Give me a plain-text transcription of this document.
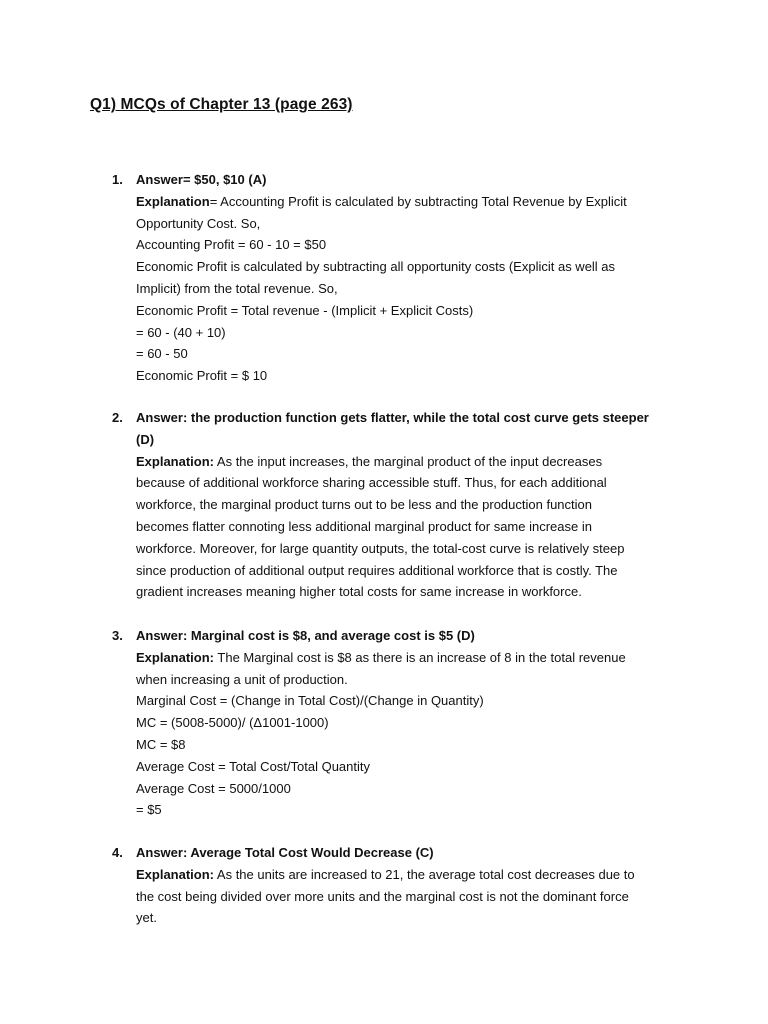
Q1) MCQs of Chapter 13 (page 263)
1. Answer= $50, $10 (A)
Explanation= Accounting Profit is calculated by subtracting Total Revenue by Explicit
Opportunity Cost. So,
Accounting Profit = 60 - 10 = $50
Economic Profit is calculated by subtracting all opportunity costs (Explicit as well as
Implicit) from the total revenue. So,
Economic Profit = Total revenue - (Implicit + Explicit Costs)
= 60 - (40 + 10)
= 60 - 50
Economic Profit = $ 10
2. Answer: the production function gets flatter, while the total cost curve gets steeper
(D)
Explanation: As the input increases, the marginal product of the input decreases
because of additional workforce sharing accessible stuff. Thus, for each additional
workforce, the marginal product turns out to be less and the production function
becomes flatter connoting less additional marginal product for same increase in
workforce. Moreover, for large quantity outputs, the total-cost curve is relatively steep
since production of additional output requires additional workforce that is costly. The
gradient increases meaning higher total costs for same increase in workforce.
3. Answer: Marginal cost is $8, and average cost is $5 (D)
Explanation: The Marginal cost is $8 as there is an increase of 8 in the total revenue
when increasing a unit of production.
Marginal Cost = (Change in Total Cost)/(Change in Quantity)
MC = (5008-5000)/ (Δ1001-1000)
MC = $8
Average Cost = Total Cost/Total Quantity
Average Cost = 5000/1000
= $5
4. Answer: Average Total Cost Would Decrease (C)
Explanation: As the units are increased to 21, the average total cost decreases due to
the cost being divided over more units and the marginal cost is not the dominant force
yet.
